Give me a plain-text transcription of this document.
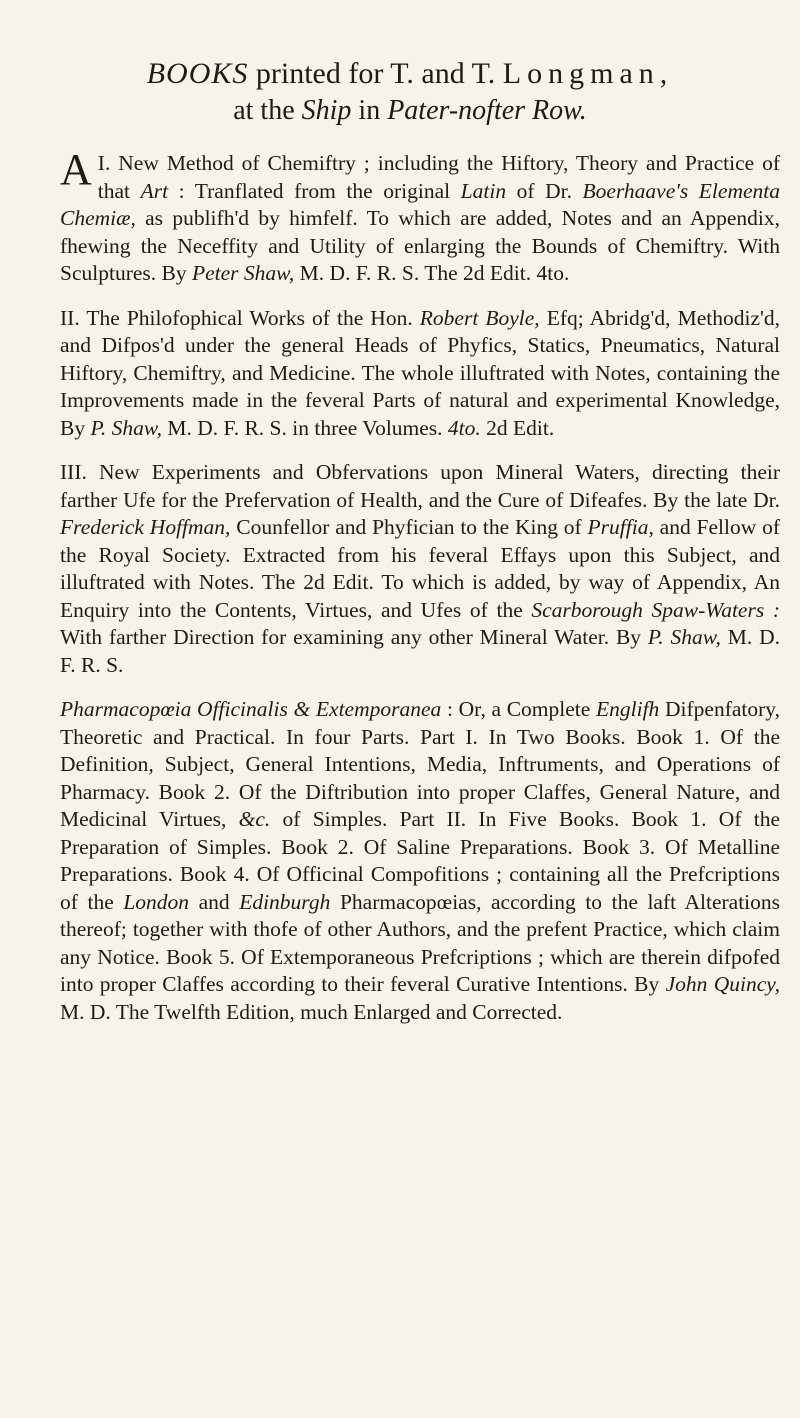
BOOKS printed for T. and T. Longman,
at the Ship in Pater-nofter Row.

I.
A New Method of Chemiftry ; including the Hiftory, Theory and Practice of that Art : Tranflated from the original Latin of Dr. Boerhaave's Elementa Chemiæ, as publifh'd by himfelf. To which are added, Notes and an Appendix, fhewing the Neceffity and Utility of enlarging the Bounds of Chemiftry. With Sculptures. By Peter Shaw, M. D. F. R. S. The 2d Edit. 4to.

II. The Philofophical Works of the Hon. Robert Boyle, Efq; Abridg'd, Methodiz'd, and Difpos'd under the general Heads of Phyfics, Statics, Pneumatics, Natural Hiftory, Chemiftry, and Medicine. The whole illuftrated with Notes, containing the Improvements made in the feveral Parts of natural and experimental Knowledge, By P. Shaw, M. D. F. R. S. in three Volumes. 4to. 2d Edit.

III. New Experiments and Obfervations upon Mineral Waters, directing their farther Ufe for the Prefervation of Health, and the Cure of Difeafes. By the late Dr. Frederick Hoffman, Counfellor and Phyfician to the King of Pruffia, and Fellow of the Royal Society. Extracted from his feveral Effays upon this Subject, and illuftrated with Notes. The 2d Edit. To which is added, by way of Appendix, An Enquiry into the Contents, Virtues, and Ufes of the Scarborough Spaw-Waters : With farther Direction for examining any other Mineral Water. By P. Shaw, M. D. F. R. S.

Pharmacopœia Officinalis & Extemporanea : Or, a Complete Englifh Difpenfatory, Theoretic and Practical. In four Parts. Part I. In Two Books. Book 1. Of the Definition, Subject, General Intentions, Media, Inftruments, and Operations of Pharmacy. Book 2. Of the Diftribution into proper Claffes, General Nature, and Medicinal Virtues, &c. of Simples. Part II. In Five Books. Book 1. Of the Preparation of Simples. Book 2. Of Saline Preparations. Book 3. Of Metalline Preparations. Book 4. Of Officinal Compofitions ; containing all the Prefcriptions of the London and Edinburgh Pharmacopœias, according to the laft Alterations thereof; together with thofe of other Authors, and the prefent Practice, which claim any Notice. Book 5. Of Extemporaneous Prefcriptions ; which are therein difpofed into proper Claffes according to their feveral Curative Intentions. By John Quincy, M. D. The Twelfth Edition, much Enlarged and Corrected.
